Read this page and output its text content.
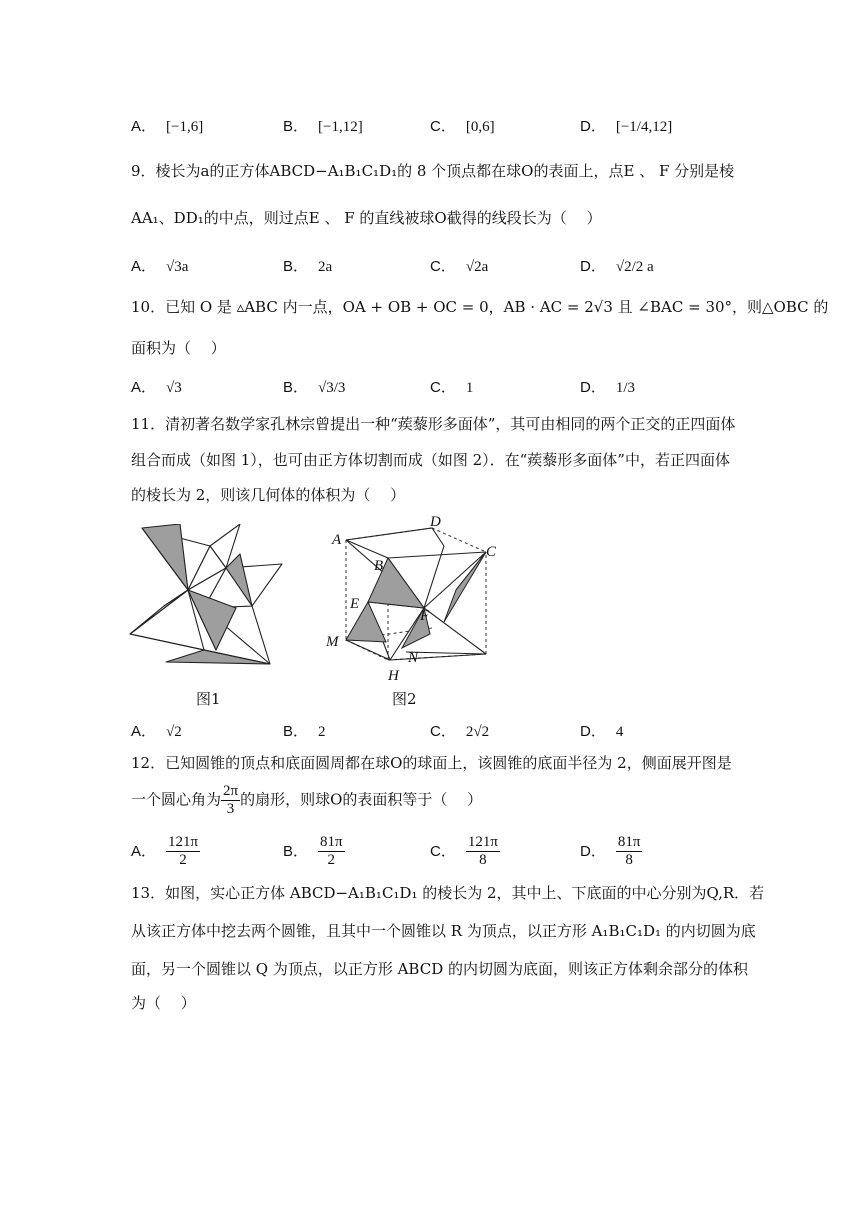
A． [−1,6]	B． [−1,12]	C． [0,6]	D． [−1/4,12]
9．棱长为a的正方体ABCD−A₁B₁C₁D₁的 8 个顶点都在球O的表面上，点E 、 F 分别是棱
AA₁、DD₁的中点，则过点E 、 F 的直线被球O截得的线段长为（　 ）
A． √3a	B． 2a	C． √2a	D． √2/2 a
10．已知 O 是 ▵ABC 内一点，OA + OB + OC = 0，AB · AC = 2√3 且 ∠BAC = 30°，则△OBC 的
面积为（　 ）
A． √3	B． √3/3	C． 1	D． 1/3
11．清初著名数学家孔林宗曾提出一种“蒺藜形多面体”，其可由相同的两个正交的正四面体
组合而成（如图 1），也可由正方体切割而成（如图 2）．在“蒺藜形多面体”中，若正四面体
的棱长为 2，则该几何体的体积为（　 ）
图1
A
D
C
B
E
F
M
N
H
图2
A． √2	B． 2	C． 2√2	D． 4
12．已知圆锥的顶点和底面圆周都在球O的球面上，该圆锥的底面半径为 2，侧面展开图是
一个圆心角为 $\frac{2\pi}{3}$ 的扇形，则球O的表面积等于（　 ）
A． $\frac{121\pi}{2}$	B． $\frac{81\pi}{2}$	C． $\frac{121\pi}{8}$	D． $\frac{81\pi}{8}$
13．如图，实心正方体 ABCD−A₁B₁C₁D₁ 的棱长为 2，其中上、下底面的中心分别为Q,R．若
从该正方体中挖去两个圆锥，且其中一个圆锥以 R 为顶点，以正方形 A₁B₁C₁D₁ 的内切圆为底
面，另一个圆锥以 Q 为顶点，以正方形 ABCD 的内切圆为底面，则该正方体剩余部分的体积
为（　 ）
